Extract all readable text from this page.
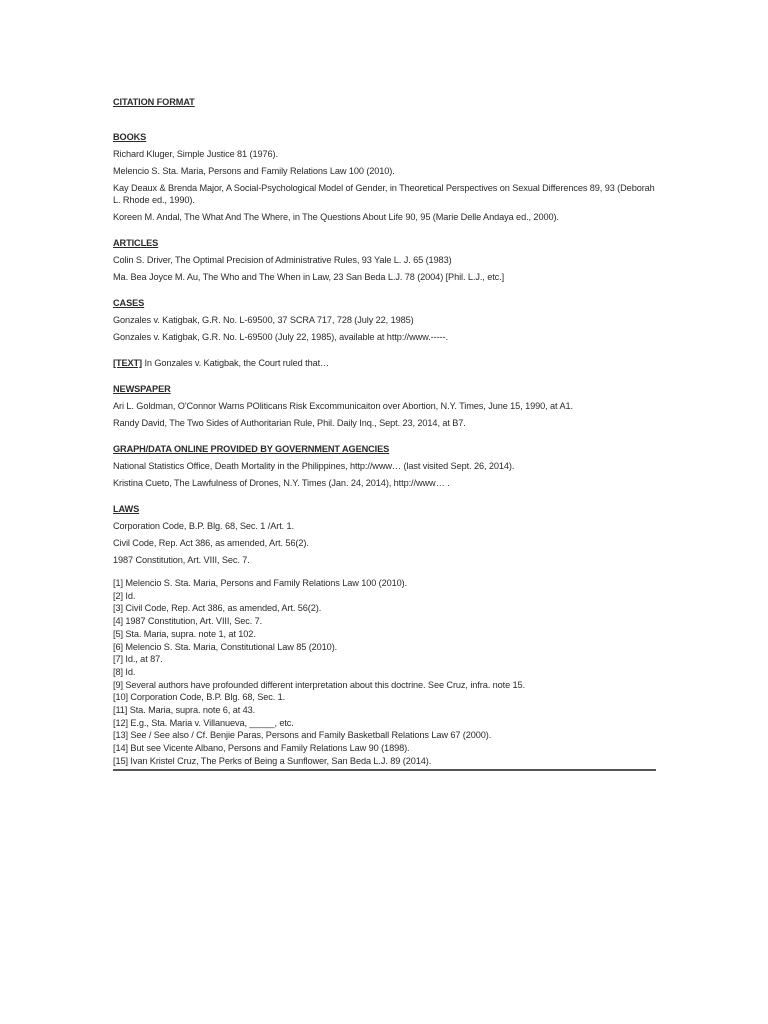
CITATION FORMAT
BOOKS
Richard Kluger, Simple Justice 81 (1976).
Melencio S. Sta. Maria, Persons and Family Relations Law 100 (2010).
Kay Deaux & Brenda Major, A Social-Psychological Model of Gender, in Theoretical Perspectives on Sexual Differences 89, 93 (Deborah L. Rhode ed., 1990).
Koreen M. Andal, The What And The Where, in The Questions About Life 90, 95 (Marie Delle Andaya ed., 2000).
ARTICLES
Colin S. Driver, The Optimal Precision of Administrative Rules, 93 Yale L. J. 65 (1983)
Ma. Bea Joyce M. Au, The Who and The When in Law, 23 San Beda L.J. 78 (2004) [Phil. L.J., etc.]
CASES
Gonzales v. Katigbak, G.R. No. L-69500, 37 SCRA 717, 728 (July 22, 1985)
Gonzales v. Katigbak, G.R. No. L-69500 (July 22, 1985), available at http://www.-----.
[TEXT] In Gonzales v. Katigbak, the Court ruled that…
NEWSPAPER
Ari L. Goldman, O'Connor Warns POliticans Risk Excommunicaiton over Abortion, N.Y. Times, June 15, 1990, at A1.
Randy David, The Two Sides of Authoritarian Rule, Phil. Daily Inq., Sept. 23, 2014, at B7.
GRAPH/DATA ONLINE PROVIDED BY GOVERNMENT AGENCIES
National Statistics Office, Death Mortality in the Philippines, http://www… (last visited Sept. 26, 2014).
Kristina Cueto, The Lawfulness of Drones, N.Y. Times (Jan. 24, 2014), http://www… .
LAWS
Corporation Code, B.P. Blg. 68, Sec. 1 /Art. 1.
Civil Code, Rep. Act 386, as amended, Art. 56(2).
1987 Constitution, Art. VIII, Sec. 7.
[1] Melencio S. Sta. Maria, Persons and Family Relations Law 100 (2010).
[2] Id.
[3] Civil Code, Rep. Act 386, as amended, Art. 56(2).
[4] 1987 Constitution, Art. VIII, Sec. 7.
[5] Sta. Maria, supra. note 1, at 102.
[6] Melencio S. Sta. Maria, Constitutional Law 85 (2010).
[7] Id., at 87.
[8] Id.
[9] Several authors have profounded different interpretation about this doctrine. See Cruz, infra. note 15.
[10] Corporation Code, B.P. Blg. 68, Sec. 1.
[11] Sta. Maria, supra. note 6, at 43.
[12] E.g., Sta. Maria v. Villanueva, _____, etc.
[13] See / See also / Cf. Benjie Paras, Persons and Family Basketball Relations Law 67 (2000).
[14] But see Vicente Albano, Persons and Family Relations Law 90 (1898).
[15] Ivan Kristel Cruz, The Perks of Being a Sunflower, San Beda L.J. 89 (2014).
